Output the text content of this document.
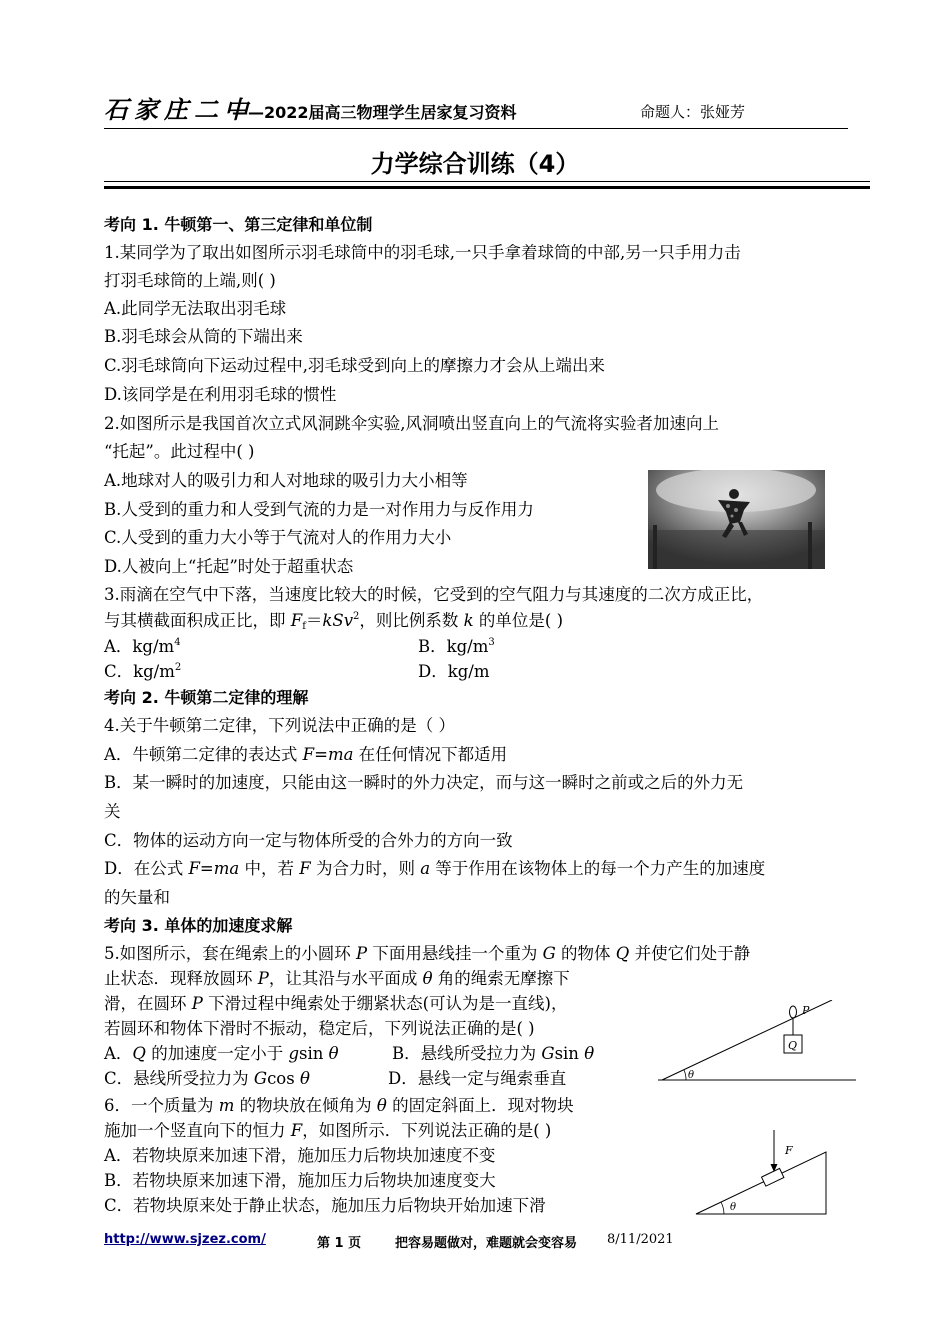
石家庄二中
——2022届高三物理学生居家复习资料	命题人：张娅芳
力学综合训练（4）
考向 1. 牛顿第一、第三定律和单位制
1.某同学为了取出如图所示羽毛球筒中的羽毛球,一只手拿着球筒的中部,另一只手用力击
打羽毛球筒的上端,则( )
A.此同学无法取出羽毛球
B.羽毛球会从筒的下端出来
C.羽毛球筒向下运动过程中,羽毛球受到向上的摩擦力才会从上端出来
D.该同学是在利用羽毛球的惯性
2.如图所示是我国首次立式风洞跳伞实验,风洞喷出竖直向上的气流将实验者加速向上
“托起”。此过程中( )
A.地球对人的吸引力和人对地球的吸引力大小相等
B.人受到的重力和人受到气流的力是一对作用力与反作用力
C.人受到的重力大小等于气流对人的作用力大小
D.人被向上“托起”时处于超重状态
3.雨滴在空气中下落，当速度比较大的时候，它受到的空气阻力与其速度的二次方成正比，
与其横截面积成正比，即 $F_f=kSv^2$，则比例系数 k 的单位是( )
A．$kg/m^4$	B．$kg/m^3$
C．$kg/m^2$	D．kg/m
考向 2. 牛顿第二定律的理解
4.关于牛顿第二定律，下列说法中正确的是（ ）
A．牛顿第二定律的表达式 F=ma 在任何情况下都适用
B．某一瞬时的加速度，只能由这一瞬时的外力决定，而与这一瞬时之前或之后的外力无
关
C．物体的运动方向一定与物体所受的合外力的方向一致
D．在公式 F=ma 中，若 F 为合力时，则 a 等于作用在该物体上的每一个力产生的加速度
的矢量和
考向 3. 单体的加速度求解
5.如图所示，套在绳索上的小圆环 P 下面用悬线挂一个重为 G 的物体 Q 并使它们处于静
止状态．现释放圆环 P，让其沿与水平面成 θ 角的绳索无摩擦下
滑，在圆环 P 下滑过程中绳索处于绷紧状态(可认为是一直线)，
若圆环和物体下滑时不振动，稳定后，下列说法正确的是( )
A．Q 的加速度一定小于 gsin θ	B．悬线所受拉力为 Gsin θ
C．悬线所受拉力为 Gcos θ	D．悬线一定与绳索垂直
P
Q
θ
6．一个质量为 m 的物块放在倾角为 θ 的固定斜面上．现对物块
施加一个竖直向下的恒力 F，如图所示．下列说法正确的是( )
A．若物块原来加速下滑，施加压力后物块加速度不变
B．若物块原来加速下滑，施加压力后物块加速度变大
C．若物块原来处于静止状态，施加压力后物块开始加速下滑
F
θ
http://www.sjzez.com/	第 1 页	把容易题做对，难题就会变容易 8/11/2021
